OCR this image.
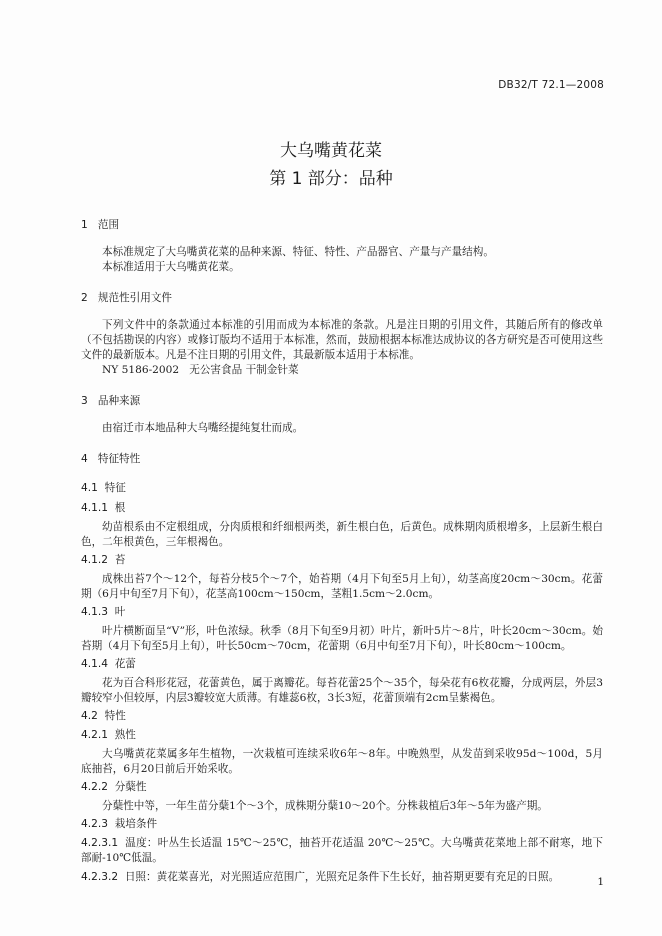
DB32/T 72.1—2008
大乌嘴黄花菜
第 1 部分：品种
1 范围
本标准规定了大乌嘴黄花菜的品种来源、特征、特性、产品器官、产量与产量结构。
本标准适用于大乌嘴黄花菜。
2 规范性引用文件
下列文件中的条款通过本标准的引用而成为本标准的条款。凡是注日期的引用文件，其随后所有的修改单（不包括勘误的内容）或修订版均不适用于本标准，然而，鼓励根据本标准达成协议的各方研究是否可使用这些文件的最新版本。凡是不注日期的引用文件，其最新版本适用于本标准。
NY 5186-2002   无公害食品 干制金针菜
3 品种来源
由宿迁市本地品种大乌嘴经提纯复壮而成。
4 特征特性
4.1 特征
4.1.1 根
幼苗根系由不定根组成，分肉质根和纤细根两类，新生根白色，后黄色。成株期肉质根增多，上层新生根白色，二年根黄色，三年根褐色。
4.1.2 苔
成株出苔7个～12个，每苔分枝5个～7个，始苔期（4月下旬至5月上旬），幼茎高度20cm～30cm。花蕾期（6月中旬至7月下旬），花茎高100cm～150cm，茎粗1.5cm～2.0cm。
4.1.3 叶
叶片横断面呈“V”形，叶色浓绿。秋季（8月下旬至9月初）叶片，新叶5片～8片，叶长20cm～30cm。始苔期（4月下旬至5月上旬），叶长50cm～70cm，花蕾期（6月中旬至7月下旬），叶长80cm～100cm。
4.1.4 花蕾
花为百合科形花冠，花蕾黄色，属于离瓣花。每苔花蕾25个～35个，每朵花有6枚花瓣，分成两层，外层3瓣较窄小但较厚，内层3瓣较宽大质薄。有雄蕊6枚，3长3短，花蕾顶端有2cm呈紫褐色。
4.2 特性
4.2.1 熟性
大乌嘴黄花菜属多年生植物，一次栽植可连续采收6年～8年。中晚熟型，从发苗到采收95d～100d，5月底抽苔，6月20日前后开始采收。
4.2.2 分蘖性
分蘖性中等，一年生苗分蘖1个～3个，成株期分蘖10～20个。分株栽植后3年～5年为盛产期。
4.2.3 栽培条件
4.2.3.1 温度：叶丛生长适温 15℃～25℃，抽苔开花适温 20℃～25℃。大乌嘴黄花菜地上部不耐寒，地下部耐-10℃低温。
4.2.3.2 日照：黄花菜喜光，对光照适应范围广，光照充足条件下生长好，抽苔期更要有充足的日照。	1
